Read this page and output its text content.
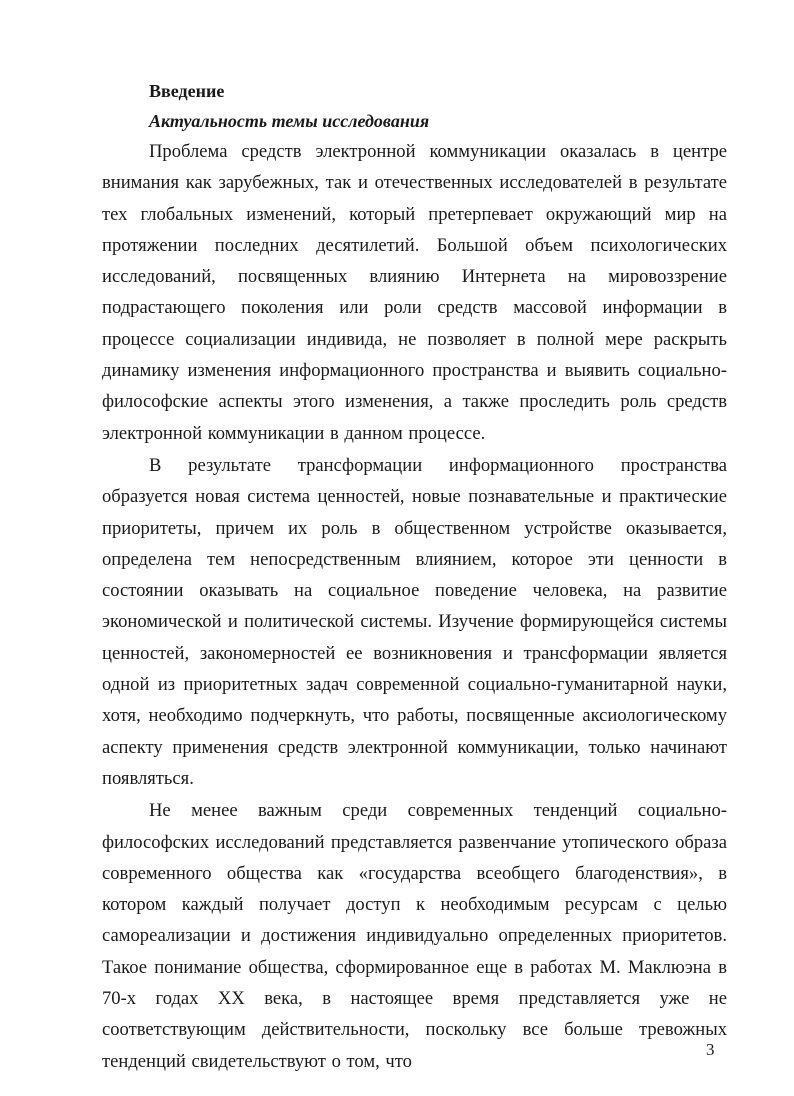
Введение
Актуальность темы исследования

Проблема средств электронной коммуникации оказалась в центре внимания как зарубежных, так и отечественных исследователей в результате тех глобальных изменений, который претерпевает окружающий мир на протяжении последних десятилетий. Большой объем психологических исследований, посвященных влиянию Интернета на мировоззрение подрастающего поколения или роли средств массовой информации в процессе социализации индивида, не позволяет в полной мере раскрыть динамику изменения информационного пространства и выявить социально-философские аспекты этого изменения, а также проследить роль средств электронной коммуникации в данном процессе.

В результате трансформации информационного пространства образуется новая система ценностей, новые познавательные и практические приоритеты, причем их роль в общественном устройстве оказывается, определена тем непосредственным влиянием, которое эти ценности в состоянии оказывать на социальное поведение человека, на развитие экономической и политической системы. Изучение формирующейся системы ценностей, закономерностей ее возникновения и трансформации является одной из приоритетных задач современной социально-гуманитарной науки, хотя, необходимо подчеркнуть, что работы, посвященные аксиологическому аспекту применения средств электронной коммуникации, только начинают появляться.

Не менее важным среди современных тенденций социально-философских исследований представляется развенчание утопического образа современного общества как «государства всеобщего благоденствия», в котором каждый получает доступ к необходимым ресурсам с целью самореализации и достижения индивидуально определенных приоритетов. Такое понимание общества, сформированное еще в работах М. Маклюэна в 70-х годах XX века, в настоящее время представляется уже не соответствующим действительности, поскольку все больше тревожных тенденций свидетельствуют о том, что

3
